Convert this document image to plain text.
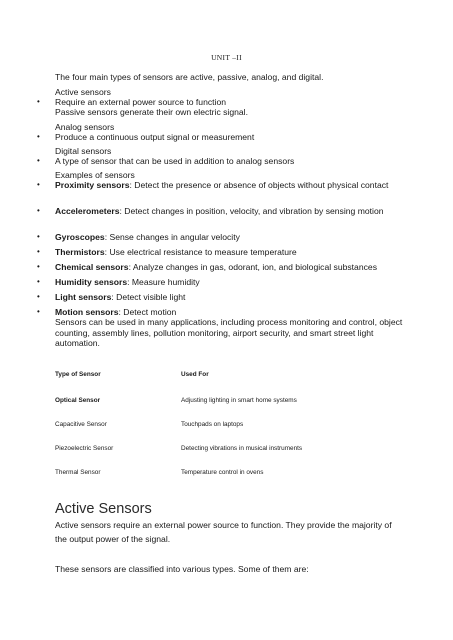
UNIT –II
The four main types of sensors are active, passive, analog, and digital.
Active sensors
• Require an external power source to function
Passive sensors generate their own electric signal.
Analog sensors
• Produce a continuous output signal or measurement
Digital sensors
• A type of sensor that can be used in addition to analog sensors
Examples of sensors
• Proximity sensors: Detect the presence or absence of objects without physical contact
• Accelerometers: Detect changes in position, velocity, and vibration by sensing motion
• Gyroscopes: Sense changes in angular velocity
• Thermistors: Use electrical resistance to measure temperature
• Chemical sensors: Analyze changes in gas, odorant, ion, and biological substances
• Humidity sensors: Measure humidity
• Light sensors: Detect visible light
• Motion sensors: Detect motion
Sensors can be used in many applications, including process monitoring and control, object counting, assembly lines, pollution monitoring, airport security, and smart street light automation.
Type of Sensor	Used For
Optical Sensor	Adjusting lighting in smart home systems
Capacitive Sensor	Touchpads on laptops
Piezoelectric Sensor	Detecting vibrations in musical instruments
Thermal Sensor	Temperature control in ovens
Active Sensors
Active sensors require an external power source to function. They provide the majority of the output power of the signal.
These sensors are classified into various types. Some of them are:
